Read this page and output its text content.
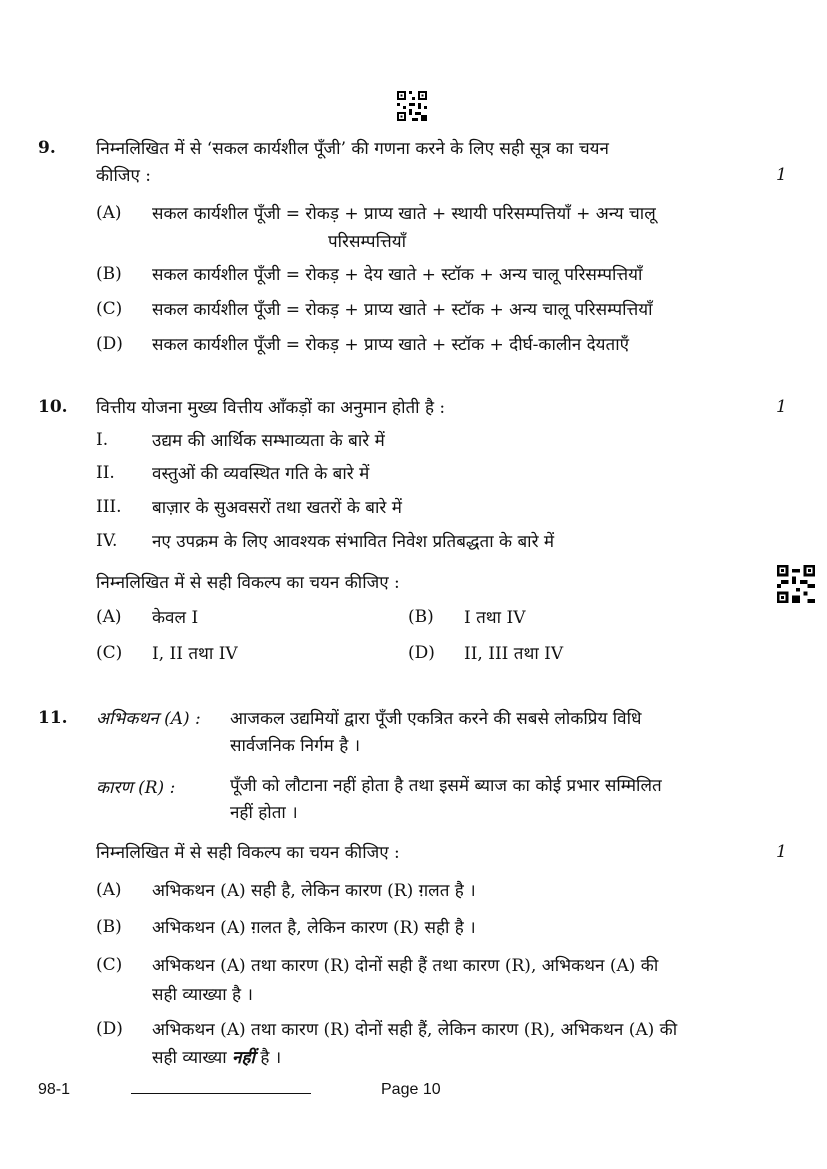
9. निम्नलिखित में से ‘सकल कार्यशील पूँजी’ की गणना करने के लिए सही सूत्र का चयन
कीजिए :	1
(A) सकल कार्यशील पूँजी = रोकड़ + प्राप्य खाते + स्थायी परिसम्पत्तियाँ + अन्य चालू
परिसम्पत्तियाँ
(B) सकल कार्यशील पूँजी = रोकड़ + देय खाते + स्टॉक + अन्य चालू परिसम्पत्तियाँ
(C) सकल कार्यशील पूँजी = रोकड़ + प्राप्य खाते + स्टॉक + अन्य चालू परिसम्पत्तियाँ
(D) सकल कार्यशील पूँजी = रोकड़ + प्राप्य खाते + स्टॉक + दीर्घ-कालीन देयताएँ
10. वित्तीय योजना मुख्य वित्तीय आँकड़ों का अनुमान होती है :	1
I.	उद्यम की आर्थिक सम्भाव्यता के बारे में
II. वस्तुओं की व्यवस्थित गति के बारे में
III. बाज़ार के सुअवसरों तथा खतरों के बारे में
IV. नए उपक्रम के लिए आवश्यक संभावित निवेश प्रतिबद्धता के बारे में
निम्नलिखित में से सही विकल्प का चयन कीजिए :
(A) केवल I	(B) I तथा IV
(C) I, II तथा IV	(D) II, III तथा IV
11. अभिकथन (A) : आजकल उद्यमियों द्वारा पूँजी एकत्रित करने की सबसे लोकप्रिय विधि
सार्वजनिक निर्गम है ।
कारण (R) :	पूँजी को लौटाना नहीं होता है तथा इसमें ब्याज का कोई प्रभार सम्मिलित
नहीं होता ।
निम्नलिखित में से सही विकल्प का चयन कीजिए :	1
(A) अभिकथन (A) सही है, लेकिन कारण (R) ग़लत है ।
(B) अभिकथन (A) ग़लत है, लेकिन कारण (R) सही है ।
(C) अभिकथन (A) तथा कारण (R) दोनों सही हैं तथा कारण (R), अभिकथन (A) की
सही व्याख्या है ।
(D) अभिकथन (A) तथा कारण (R) दोनों सही हैं, लेकिन कारण (R), अभिकथन (A) की
सही व्याख्या नहीं है ।
98-1	Page 10
